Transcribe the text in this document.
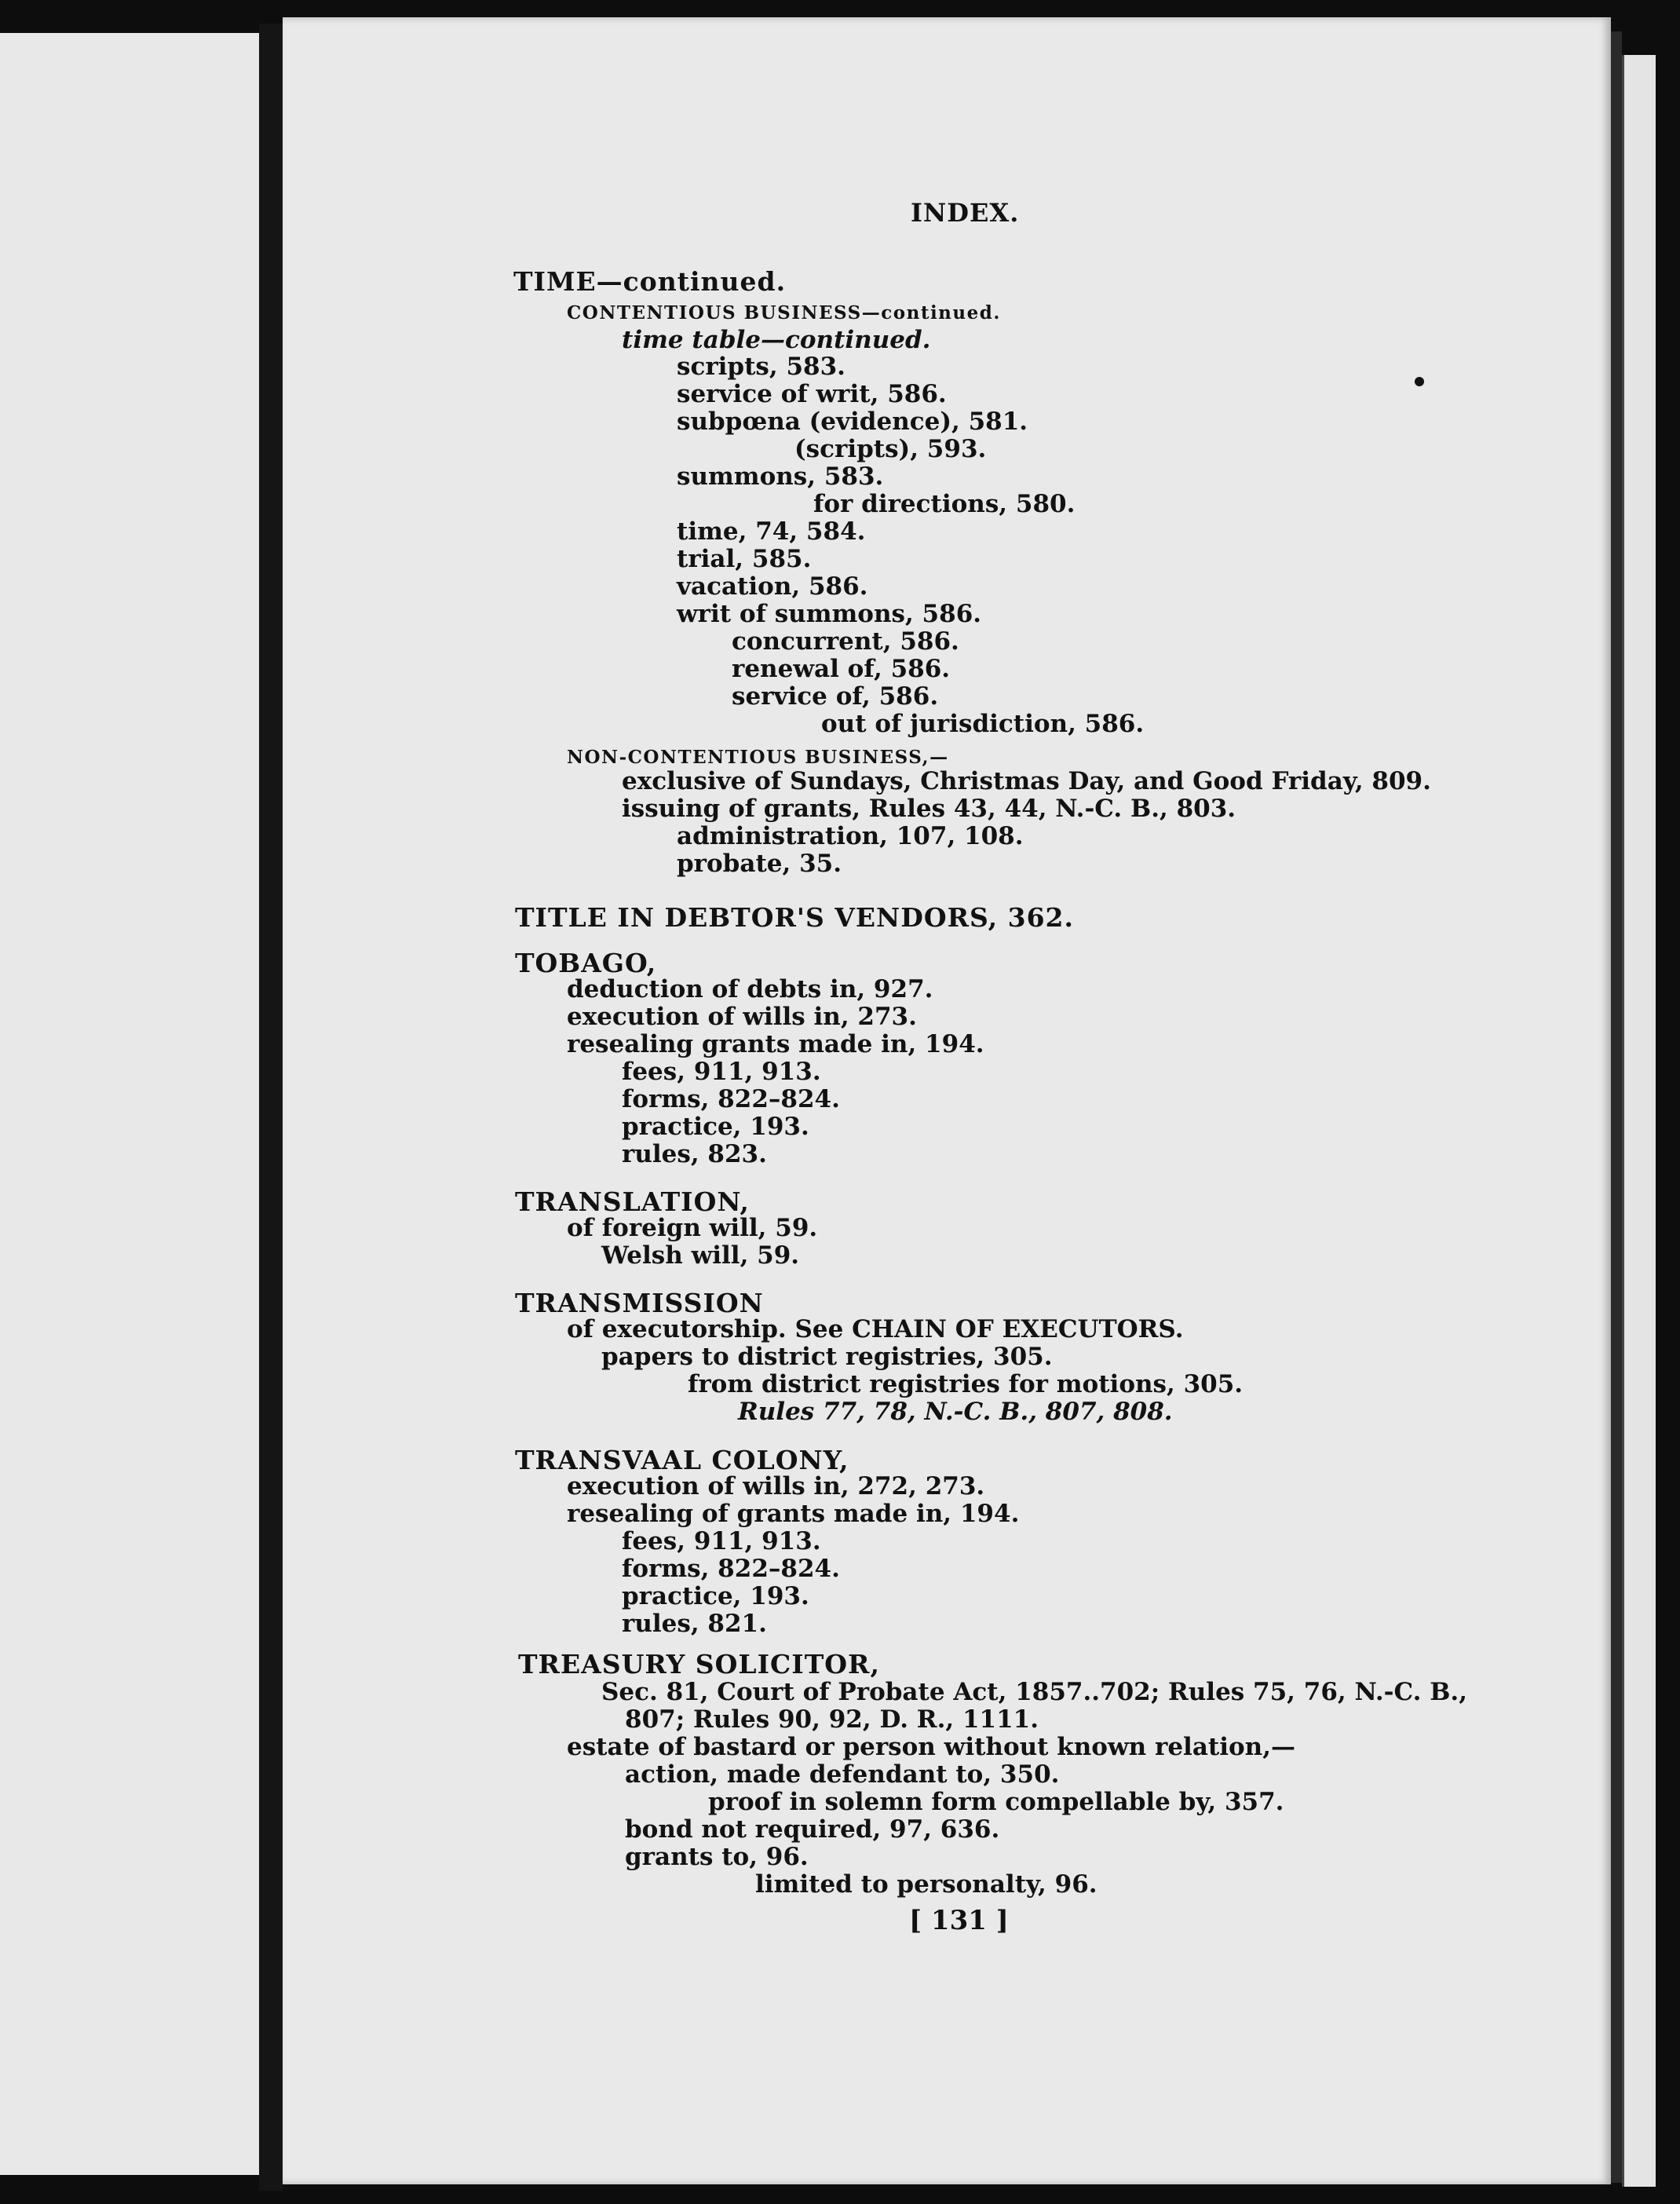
INDEX.
TIME—continued.
CONTENTIOUS BUSINESS—continued.
time table—continued.
scripts, 583.
service of writ, 586.
subpœna (evidence), 581.
(scripts), 593.
summons, 583.
for directions, 580.
time, 74, 584.
trial, 585.
vacation, 586.
writ of summons, 586.
concurrent, 586.
renewal of, 586.
service of, 586.
out of jurisdiction, 586.
NON-CONTENTIOUS BUSINESS,—
exclusive of Sundays, Christmas Day, and Good Friday, 809.
issuing of grants, Rules 43, 44, N.-C. B., 803.
administration, 107, 108.
probate, 35.
TITLE IN DEBTOR'S VENDORS, 362.
TOBAGO,
deduction of debts in, 927.
execution of wills in, 273.
resealing grants made in, 194.
fees, 911, 913.
forms, 822–824.
practice, 193.
rules, 823.
TRANSLATION,
of foreign will, 59.
Welsh will, 59.
TRANSMISSION
of executorship. See CHAIN OF EXECUTORS.
papers to district registries, 305.
from district registries for motions, 305.
Rules 77, 78, N.-C. B., 807, 808.
TRANSVAAL COLONY,
execution of wills in, 272, 273.
resealing of grants made in, 194.
fees, 911, 913.
forms, 822–824.
practice, 193.
rules, 821.
TREASURY SOLICITOR,
Sec. 81, Court of Probate Act, 1857..702; Rules 75, 76, N.-C. B.,
807; Rules 90, 92, D. R., 1111.
estate of bastard or person without known relation,—
action, made defendant to, 350.
proof in solemn form compellable by, 357.
bond not required, 97, 636.
grants to, 96.
limited to personalty, 96.
[ 131 ]
